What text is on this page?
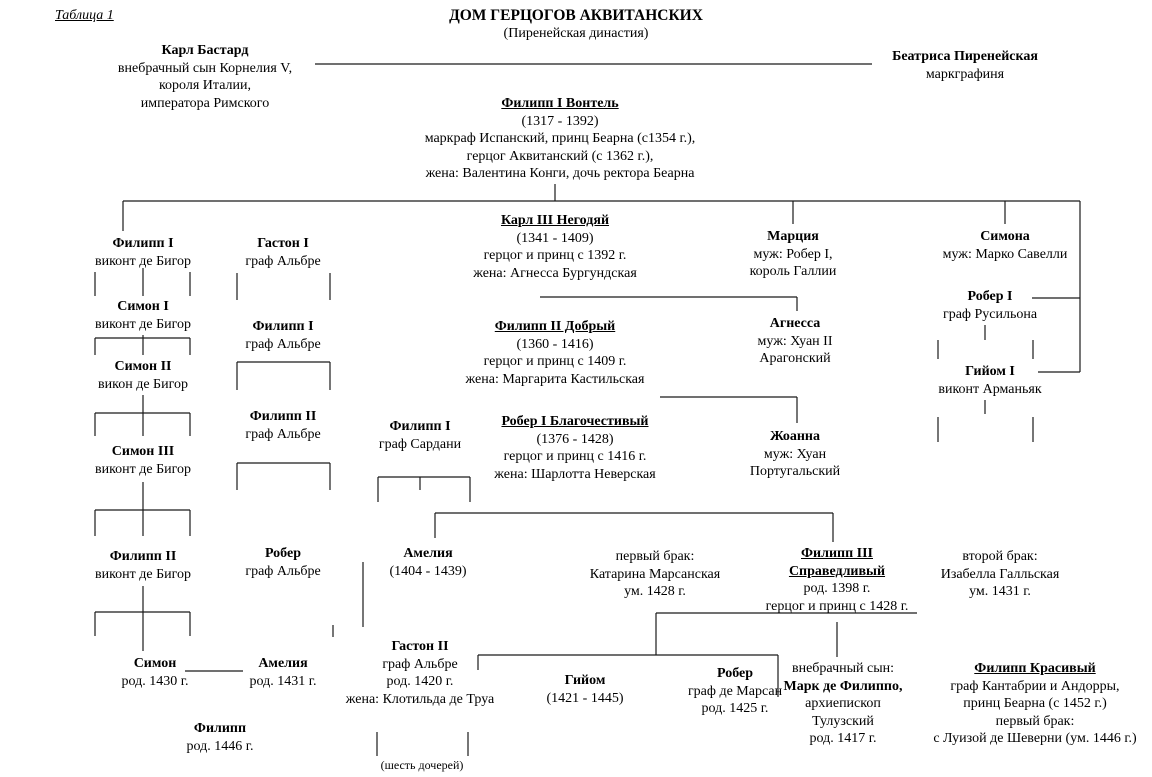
Таблица 1	ДОМ ГЕРЦОГОВ АКВИТАНСКИХ
(Пиренейская династия)
Карл Бастард
внебрачный сын Корнелия V,
короля Италии,
императора Римского
Беатриса Пиренейская
маркграфиня
Филипп I Вонтель
(1317 - 1392)
маркраф Испанский, принц Беарна (с1354 г.),
герцог Аквитанский (с 1362 г.),
жена: Валентина Конги, дочь ректора Беарна
Карл III Негодяй
(1341 - 1409)
герцог и принц с 1392 г.
жена: Агнесса Бургундская
Филипп I
виконт де Бигор
Гастон I
граф Альбре
Марция
муж: Робер I,
король Галлии
Симона
муж: Марко Савелли
Симон I
виконт де Бигор	Филипп I
граф Альбре
Робер I
граф Русильона
Филипп II Добрый
(1360 - 1416)
герцог и принц с 1409 г.
жена: Маргарита Кастильская
Агнесса
муж: Хуан II
Арагонский
Симон II
викон де Бигор
Гийом I
виконт Арманьяк
Филипп II
граф Альбре	Филипп I
граф Сардани
Робер I Благочестивый
(1376 - 1428)
герцог и принц с 1416 г.
жена: Шарлотта Неверская
Жоанна
муж: Хуан
Португальский
Симон III
виконт де Бигор
Робер
граф Альбре
Филипп II
виконт де Бигор
Амелия
(1404 - 1439)
первый брак:
Катарина Марсанская
ум. 1428 г.
Филипп III
Справедливый
род. 1398 г.
герцог и принц с 1428 г.
второй брак:
Изабелла Галльская
ум. 1431 г.
Симон
род. 1430 г.
Амелия
род. 1431 г.
Гастон II
граф Альбре
род. 1420 г.
жена: Клотильда де Труа
Гийом
(1421 - 1445)
Робер
граф де Марсан
род. 1425 г.
внебрачный сын:
Марк де Филиппо,
архиепископ
Тулузский
род. 1417 г.
Филипп Красивый
граф Кантабрии и Андорры,
принц Беарна (с 1452 г.)
первый брак:
с Луизой де Шеверни (ум. 1446 г.)
Филипп
род. 1446 г.
(шесть дочерей)
